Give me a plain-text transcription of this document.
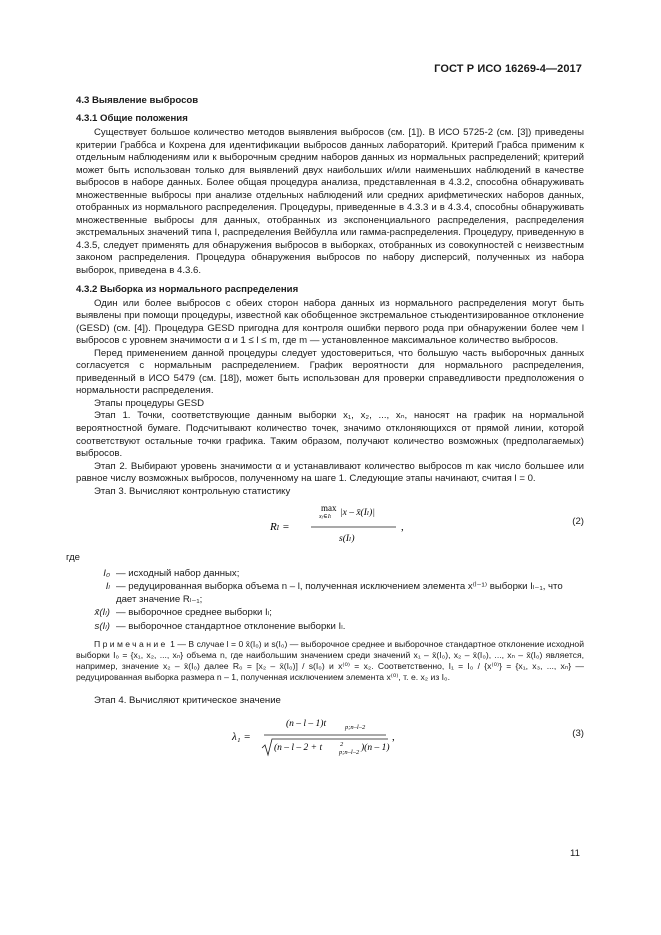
ГОСТ Р ИСО 16269-4—2017
4.3 Выявление выбросов
4.3.1 Общие положения

Существует большое количество методов выявления выбросов (см. [1]). В ИСО 5725-2 (см. [3]) приведены критерии Граббса и Кохрена для идентификации выбросов данных лабораторий. Критерий Грабса применим к отдельным наблюдениям или к выборочным средним наборов данных из нормальных распределений; критерий может быть использован только для выявлений двух наибольших и/или наименьших наблюдений в качестве выбросов в наборе данных. Более общая процедура анализа, представленная в 4.3.2, способна обнаруживать множественные выбросы при анализе отдельных наблюдений или средних арифметических наборов данных, отобранных из нормального распределения. Процедуры, приведенные в 4.3.3 и в 4.3.4, способны обнаруживать множественные выбросы для данных, отобранных из экспоненциального распределения, распределения экстремальных значений типа I, распределения Вейбулла или гамма-распределения. Процедуру, приведенную в 4.3.5, следует применять для обнаружения выбросов в выборках, отобранных из совокупностей с неизвестным законом распределения. Процедура обнаружения выбросов по набору дисперсий, полученных из набора выборок, приведена в 4.3.6.

4.3.2 Выборка из нормального распределения

Один или более выбросов с обеих сторон набора данных из нормального распределения могут быть выявлены при помощи процедуры, известной как обобщенное экстремальное стьюдентизированное отклонение (GESD) (см. [4]). Процедура GESD пригодна для контроля ошибки первого рода при обнаружении более чем l выбросов с уровнем значимости α и 1 ≤ l ≤ m, где m — установленное максимальное количество выбросов.

Перед применением данной процедуры следует удостовериться, что большую часть выборочных данных согласуется с нормальным распределением. График вероятности для нормального распределения, приведенный в ИСО 5479 (см. [18]), может быть использован для проверки справедливости предположения о нормальности распределения.

Этапы процедуры GESD

Этап 1. Точки, соответствующие данным выборки x₁, x₂, ..., xₙ, наносят на график на нормальной вероятностной бумаге. Подсчитывают количество точек, значимо отклоняющихся от прямой линии, которой соответствуют остальные точки графика. Таким образом, получают количество возможных (предполагаемых) выбросов.

Этап 2. Выбирают уровень значимости α и устанавливают количество выбросов m как число большее или равное числу возможных выбросов, полученному на шаге 1. Следующие этапы начинают, считая l = 0.

Этап 3. Вычисляют контрольную статистику

Rₗ =
max
xⱼ∈Iₗ |x – x̄(Iₗ)|
s(Iₗ)
,	(2)
где
I₀ — исходный набор данных;
Iₗ — редуцированная выборка объема n – l, полученная исключением элемента x⁽ˡ⁻¹⁾ выборки Iₗ₋₁, что дает значение Rₗ₋₁;
x̄(Iₗ) — выборочное среднее выборки Iₗ;
s(Iₗ) — выборочное стандартное отклонение выборки Iₗ.

Примечание 1 — В случае l = 0 x̄(I₀) и s(I₀) — выборочное среднее и выборочное стандартное отклонение исходной выборки I₀ = {x₁, x₂, ..., xₙ} объема n, где наибольшим значением среди значений x₁ – x̄(I₀), x₂ – x̄(I₀), ..., xₙ – x̄(I₀) является, например, значение x₂ – x̄(I₀) далее R₀ = [x₂ – x̄(I₀)] / s(I₀) и x⁽⁰⁾ = x₂. Соответственно, I₁ = I₀ / {x⁽⁰⁾} = {x₁, x₃, ..., xₙ} — редуцированная выборка размера n – 1, полученная исключением элемента x⁽⁰⁾, т. е. x₂ из I₀.

Этап 4. Вычисляют критическое значение

λ₁ =
(n – l – 1)t	p;n–l–2
(n – l – 2 + t	2
p;n–l–2 )(n – 1)
,	(3)
11
